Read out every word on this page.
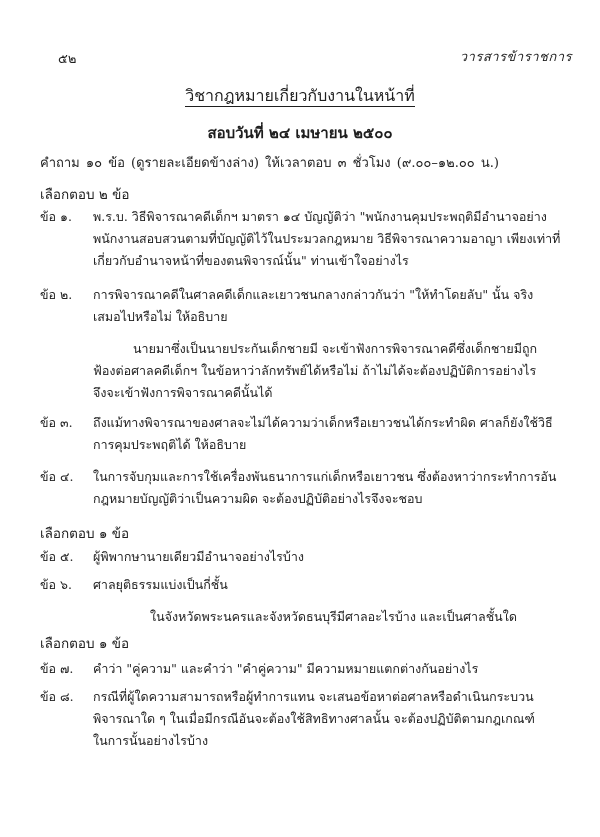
๕๒	วารสารข้าราชการ
วิชากฎหมายเกี่ยวกับงานในหน้าที่
สอบวันที่ ๒๔ เมษายน ๒๕๐๐
คำถาม ๑๐ ข้อ (ดูรายละเอียดข้างล่าง) ให้เวลาตอบ ๓ ชั่วโมง (๙.๐๐–๑๒.๐๐ น.)
เลือกตอบ ๒ ข้อ
ข้อ ๑.	พ.ร.บ. วิธีพิจารณาคดีเด็กฯ มาตรา ๑๔ บัญญัติว่า "พนักงานคุมประพฤติมีอำนาจอย่าง
พนักงานสอบสวนตามที่บัญญัติไว้ในประมวลกฎหมาย วิธีพิจารณาความอาญา เพียงเท่าที่
เกี่ยวกับอำนาจหน้าที่ของตนพิจารณ์นั้น" ท่านเข้าใจอย่างไร
ข้อ ๒.	การพิจารณาคดีในศาลคดีเด็กและเยาวชนกลางกล่าวกันว่า "ให้ทำโดยลับ" นั้น จริง
เสมอไปหรือไม่ ให้อธิบาย
นายมาซึ่งเป็นนายประกันเด็กชายมี จะเข้าฟังการพิจารณาคดีซึ่งเด็กชายมีถูก
ฟ้องต่อศาลคดีเด็กฯ ในข้อหาว่าลักทรัพย์ได้หรือไม่ ถ้าไม่ได้จะต้องปฏิบัติการอย่างไร
จึงจะเข้าฟังการพิจารณาคดีนั้นได้
ข้อ ๓.	ถึงแม้ทางพิจารณาของศาลจะไม่ได้ความว่าเด็กหรือเยาวชนได้กระทำผิด ศาลก็ยังใช้วิธี
การคุมประพฤติได้ ให้อธิบาย
ข้อ ๔.	ในการจับกุมและการใช้เครื่องพันธนาการแก่เด็กหรือเยาวชน ซึ่งต้องหาว่ากระทำการอัน
กฎหมายบัญญัติว่าเป็นความผิด จะต้องปฏิบัติอย่างไรจึงจะชอบ
เลือกตอบ ๑ ข้อ
ข้อ ๕.	ผู้พิพากษานายเดียวมีอำนาจอย่างไรบ้าง
ข้อ ๖.	ศาลยุติธรรมแบ่งเป็นกี่ชั้น
ในจังหวัดพระนครและจังหวัดธนบุรีมีศาลอะไรบ้าง และเป็นศาลชั้นใด
เลือกตอบ ๑ ข้อ
ข้อ ๗.	คำว่า "คู่ความ" และคำว่า "คำคู่ความ" มีความหมายแตกต่างกันอย่างไร
ข้อ ๘.	กรณีที่ผู้ใดความสามารถหรือผู้ทำการแทน จะเสนอข้อหาต่อศาลหรือดำเนินกระบวน
พิจารณาใด ๆ ในเมื่อมีกรณีอันจะต้องใช้สิทธิทางศาลนั้น จะต้องปฏิบัติตามกฎเกณฑ์
ในการนั้นอย่างไรบ้าง
